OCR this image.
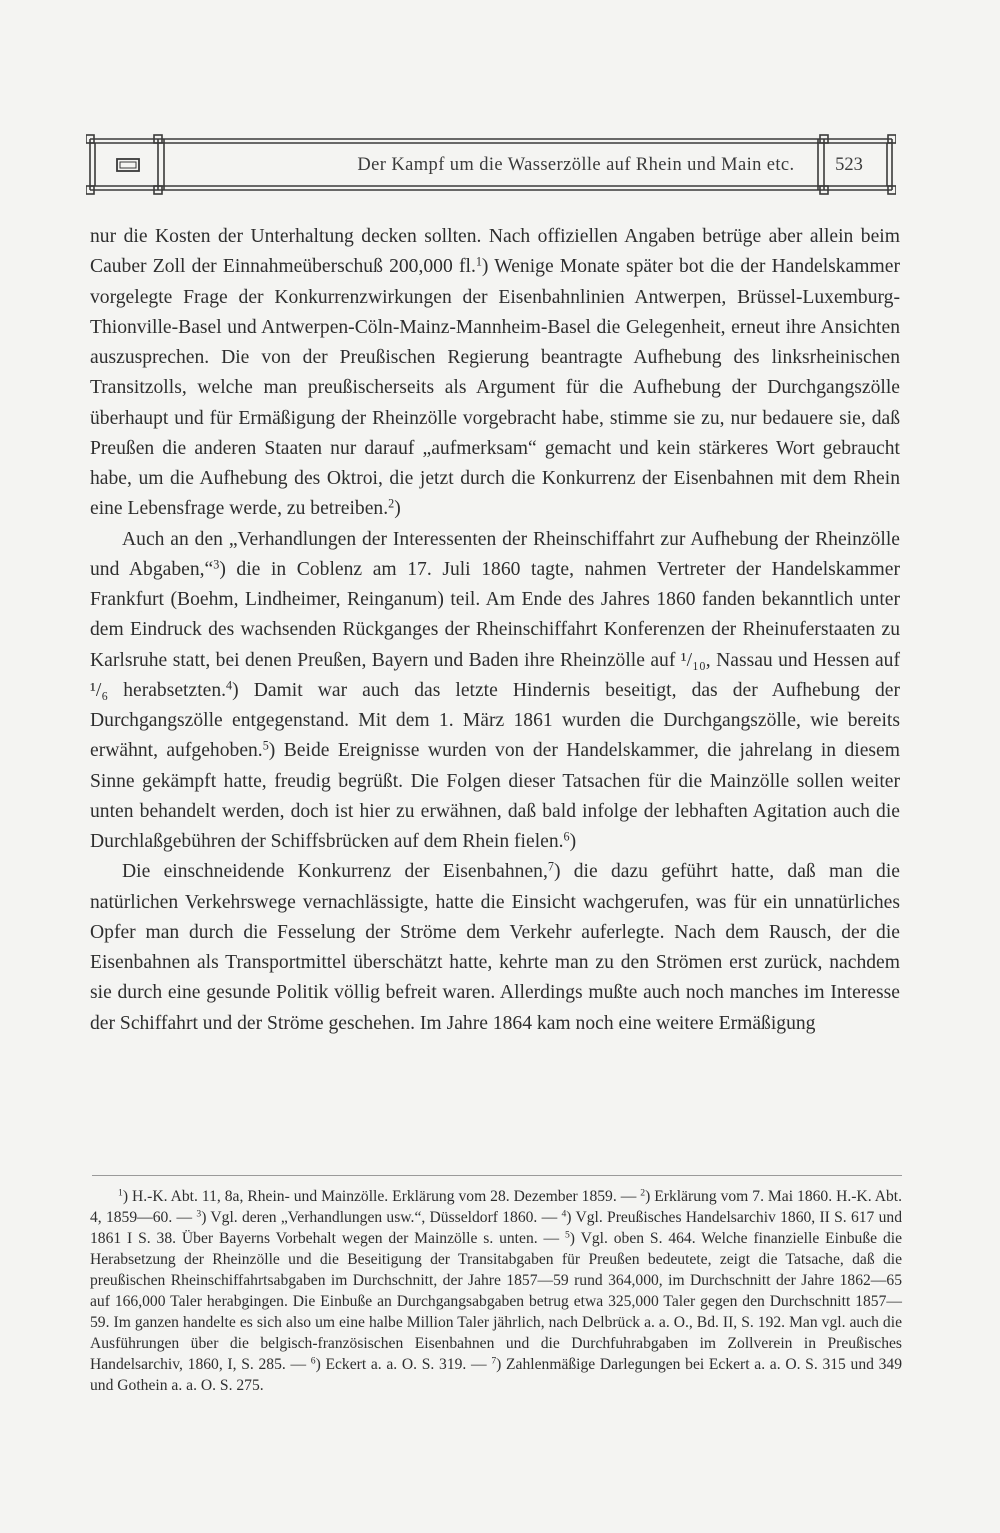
Der Kampf um die Wasserzölle auf Rhein und Main etc.	523

nur die Kosten der Unterhaltung decken sollten. Nach offiziellen Angaben betrüge aber allein beim Cauber Zoll der Einnahmeüberschuß 200,000 fl.$^1$) Wenige Monate später bot die der Handelskammer vorgelegte Frage der Konkurrenzwirkungen der Eisenbahnlinien Antwerpen, Brüssel-Luxemburg-Thionville-Basel und Antwerpen-Cöln-Mainz-Mannheim-Basel die Gelegenheit, erneut ihre Ansichten auszusprechen. Die von der Preußischen Regierung beantragte Aufhebung des linksrheinischen Transitzolls, welche man preußischerseits als Argument für die Aufhebung der Durchgangszölle überhaupt und für Ermäßigung der Rheinzölle vorgebracht habe, stimme sie zu, nur bedauere sie, daß Preußen die anderen Staaten nur darauf „aufmerksam“ gemacht und kein stärkeres Wort gebraucht habe, um die Aufhebung des Oktroi, die jetzt durch die Konkurrenz der Eisenbahnen mit dem Rhein eine Lebensfrage werde, zu betreiben.$^2$)

Auch an den „Verhandlungen der Interessenten der Rheinschiffahrt zur Aufhebung der Rheinzölle und Abgaben,“$^3$) die in Coblenz am 17. Juli 1860 tagte, nahmen Vertreter der Handelskammer Frankfurt (Boehm, Lindheimer, Reinganum) teil. Am Ende des Jahres 1860 fanden bekanntlich unter dem Eindruck des wachsenden Rückganges der Rheinschiffahrt Konferenzen der Rheinuferstaaten zu Karlsruhe statt, bei denen Preußen, Bayern und Baden ihre Rheinzölle auf ¹/₁₀, Nassau und Hessen auf ¹/₆ herabsetzten.$^4$) Damit war auch das letzte Hindernis beseitigt, das der Aufhebung der Durchgangszölle entgegenstand. Mit dem 1. März 1861 wurden die Durchgangszölle, wie bereits erwähnt, aufgehoben.$^5$) Beide Ereignisse wurden von der Handelskammer, die jahrelang in diesem Sinne gekämpft hatte, freudig begrüßt. Die Folgen dieser Tatsachen für die Mainzölle sollen weiter unten behandelt werden, doch ist hier zu erwähnen, daß bald infolge der lebhaften Agitation auch die Durchlaßgebühren der Schiffsbrücken auf dem Rhein fielen.$^6$)

Die einschneidende Konkurrenz der Eisenbahnen,$^7$) die dazu geführt hatte, daß man die natürlichen Verkehrswege vernachlässigte, hatte die Einsicht wachgerufen, was für ein unnatürliches Opfer man durch die Fesselung der Ströme dem Verkehr auferlegte. Nach dem Rausch, der die Eisenbahnen als Transportmittel überschätzt hatte, kehrte man zu den Strömen erst zurück, nachdem sie durch eine gesunde Politik völlig befreit waren. Allerdings mußte auch noch manches im Interesse der Schiffahrt und der Ströme geschehen. Im Jahre 1864 kam noch eine weitere Ermäßigung

$^1$) H.-K. Abt. 11, 8a, Rhein- und Mainzölle. Erklärung vom 28. Dezember 1859. — $^2$) Erklärung vom 7. Mai 1860. H.-K. Abt. 4, 1859—60. — $^3$) Vgl. deren „Verhandlungen usw.“, Düsseldorf 1860. — $^4$) Vgl. Preußisches Handelsarchiv 1860, II S. 617 und 1861 I S. 38. Über Bayerns Vorbehalt wegen der Mainzölle s. unten. — $^5$) Vgl. oben S. 464. Welche finanzielle Einbuße die Herabsetzung der Rheinzölle und die Beseitigung der Transitabgaben für Preußen bedeutete, zeigt die Tatsache, daß die preußischen Rheinschiffahrtsabgaben im Durchschnitt, der Jahre 1857—59 rund 364,000, im Durchschnitt der Jahre 1862—65 auf 166,000 Taler herabgingen. Die Einbuße an Durchgangsabgaben betrug etwa 325,000 Taler gegen den Durchschnitt 1857—59. Im ganzen handelte es sich also um eine halbe Million Taler jährlich, nach Delbrück a. a. O., Bd. II, S. 192. Man vgl. auch die Ausführungen über die belgisch-französischen Eisenbahnen und die Durchfuhrabgaben im Zollverein in Preußisches Handelsarchiv, 1860, I, S. 285. — $^6$) Eckert a. a. O. S. 319. — $^7$) Zahlenmäßige Darlegungen bei Eckert a. a. O. S. 315 und 349 und Gothein a. a. O. S. 275.
